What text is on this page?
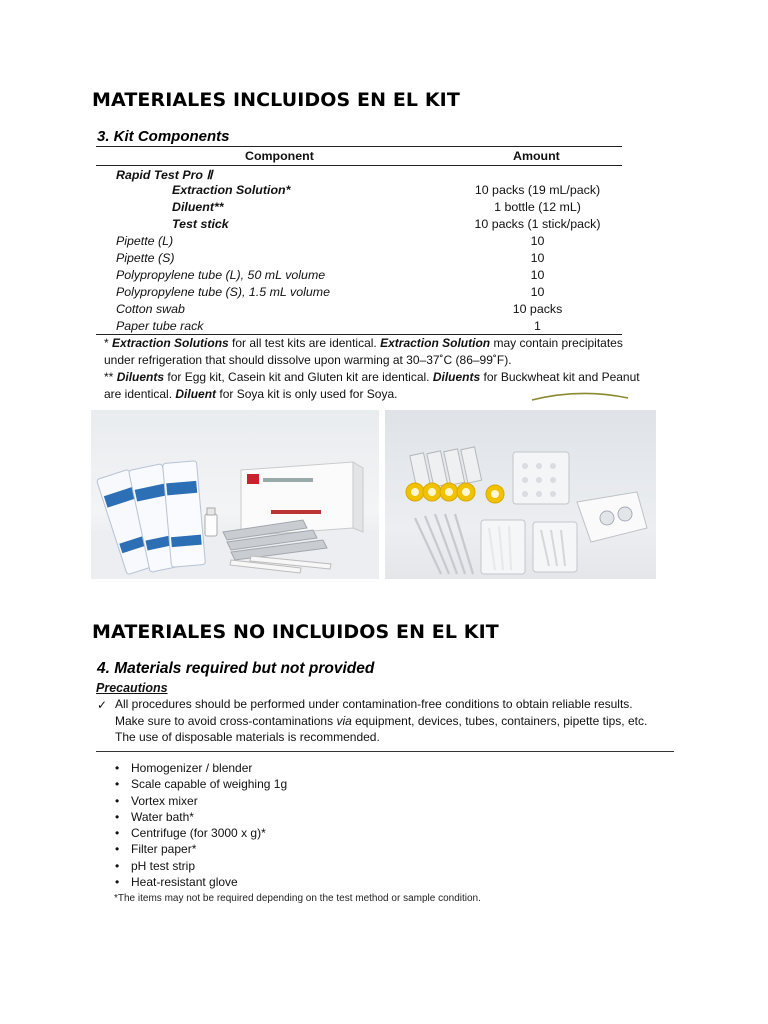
MATERIALES INCLUIDOS EN EL KIT
3. Kit Components
Component	Amount
Rapid Test Pro Ⅱ
Extraction Solution*	10 packs (19 mL/pack)
Diluent**	1 bottle (12 mL)
Test stick	10 packs (1 stick/pack)
Pipette (L)	10
Pipette (S)	10
Polypropylene tube (L), 50 mL volume	10
Polypropylene tube (S), 1.5 mL volume	10
Cotton swab	10 packs
Paper tube rack	1
* Extraction Solutions for all test kits are identical. Extraction Solution may contain precipitates
under refrigeration that should dissolve upon warming at 30–37˚C (86–99˚F).
** Diluents for Egg kit, Casein kit and Gluten kit are identical. Diluents for Buckwheat kit and Peanut
are identical. Diluent for Soya kit is only used for Soya.
MATERIALES NO INCLUIDOS EN EL KIT
4. Materials required but not provided
Precautions
✓ All procedures should be performed under contamination-free conditions to obtain reliable results.
Make sure to avoid cross-contaminations via equipment, devices, tubes, containers, pipette tips, etc.
The use of disposable materials is recommended.
• Homogenizer / blender
• Scale capable of weighing 1g
• Vortex mixer
• Water bath*
• Centrifuge (for 3000 x g)*
• Filter paper*
• pH test strip
• Heat-resistant glove
*The items may not be required depending on the test method or sample condition.
